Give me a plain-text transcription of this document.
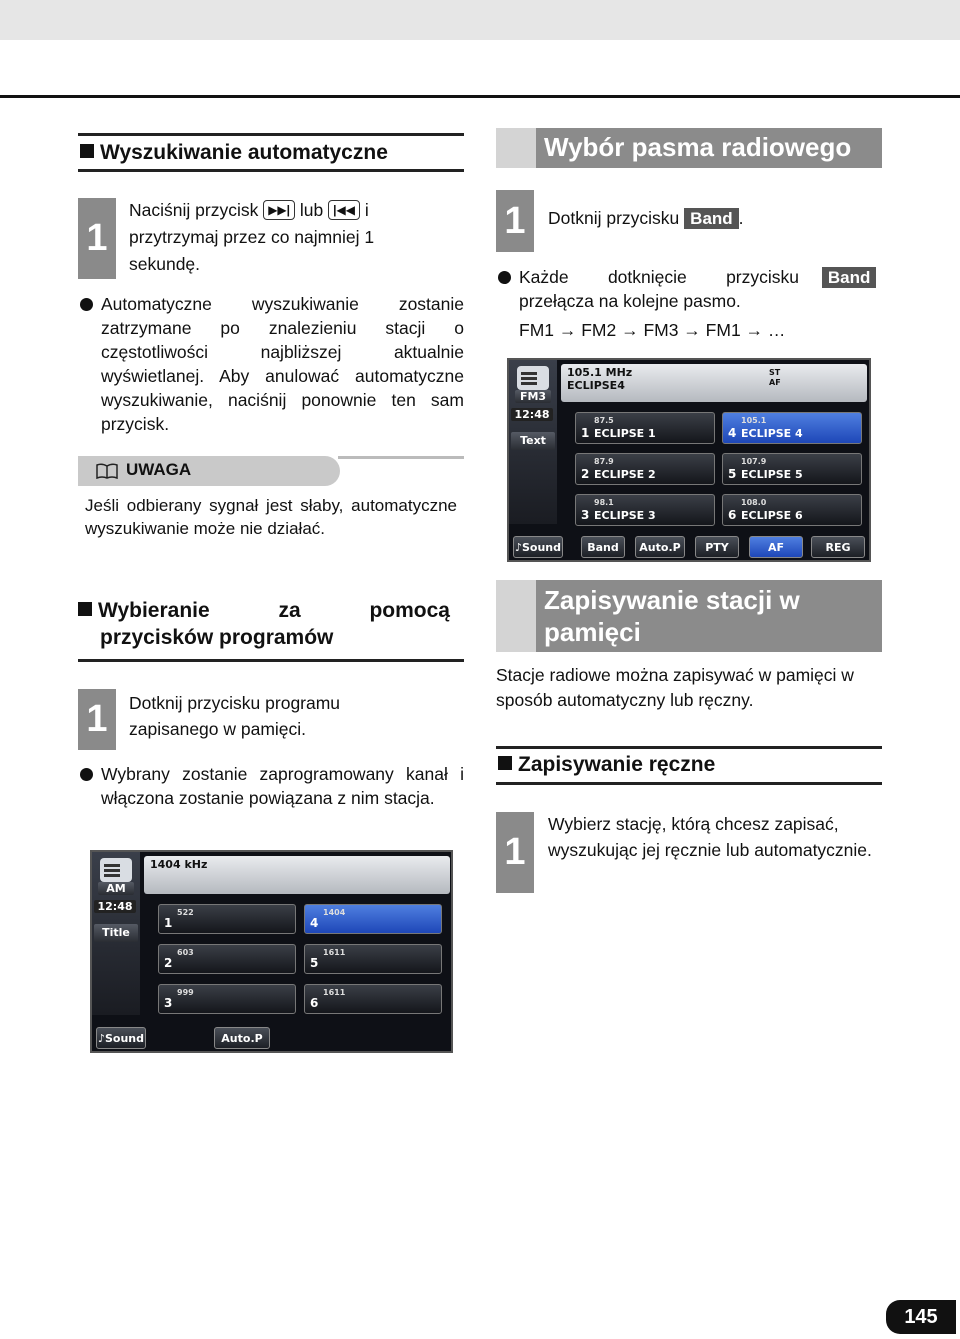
Wyszukiwanie automatyczne
1
Naciśnij przycisk ▶▶| lub |◀◀ i
przytrzymaj przez co najmniej 1
sekundę.
Automatyczne wyszukiwanie zostanie zatrzymane po znalezieniu stacji o częstotliwości najbliższej aktualnie wyświetlanej. Aby anulować automatyczne wyszukiwanie, naciśnij ponownie ten sam przycisk.
UWAGA
Jeśli odbierany sygnał jest słaby, automatyczne wyszukiwanie może nie działać.
Wybieranie za pomocą
przycisków programów
1	Dotknij przycisku programu zapisanego w pamięci.
Wybrany zostanie zaprogramowany kanał i włączona zostanie powiązana z nim stacja.
AM
12:48
Title
1404 kHz
522
1
603
2
999
3
1404
4
1611
5
1611
6
♪ Sound	Auto.P
Wybór pasma radiowego
1	Dotknij przycisku Band .
Każde dotknięcie przycisku Band
przełącza na kolejne pasmo.
FM1 → FM2 → FM3 → FM1 → …
FM3
12:48
Text
105.1 MHz
ECLIPSE4
ST
AF
87.5
1 ECLIPSE 1
87.9
2 ECLIPSE 2
98.1
3 ECLIPSE 3
105.1
4 ECLIPSE 4
107.9
5 ECLIPSE 5
108.0
6 ECLIPSE 6
♪ Sound	Band	Auto.P	PTY	AF	REG
Zapisywanie stacji w
pamięci
Stacje radiowe można zapisywać w pamięci w sposób automatyczny lub ręczny.
Zapisywanie ręczne
1
Wybierz stację, którą chcesz zapisać, wyszukując jej ręcznie lub automatycznie.
145
